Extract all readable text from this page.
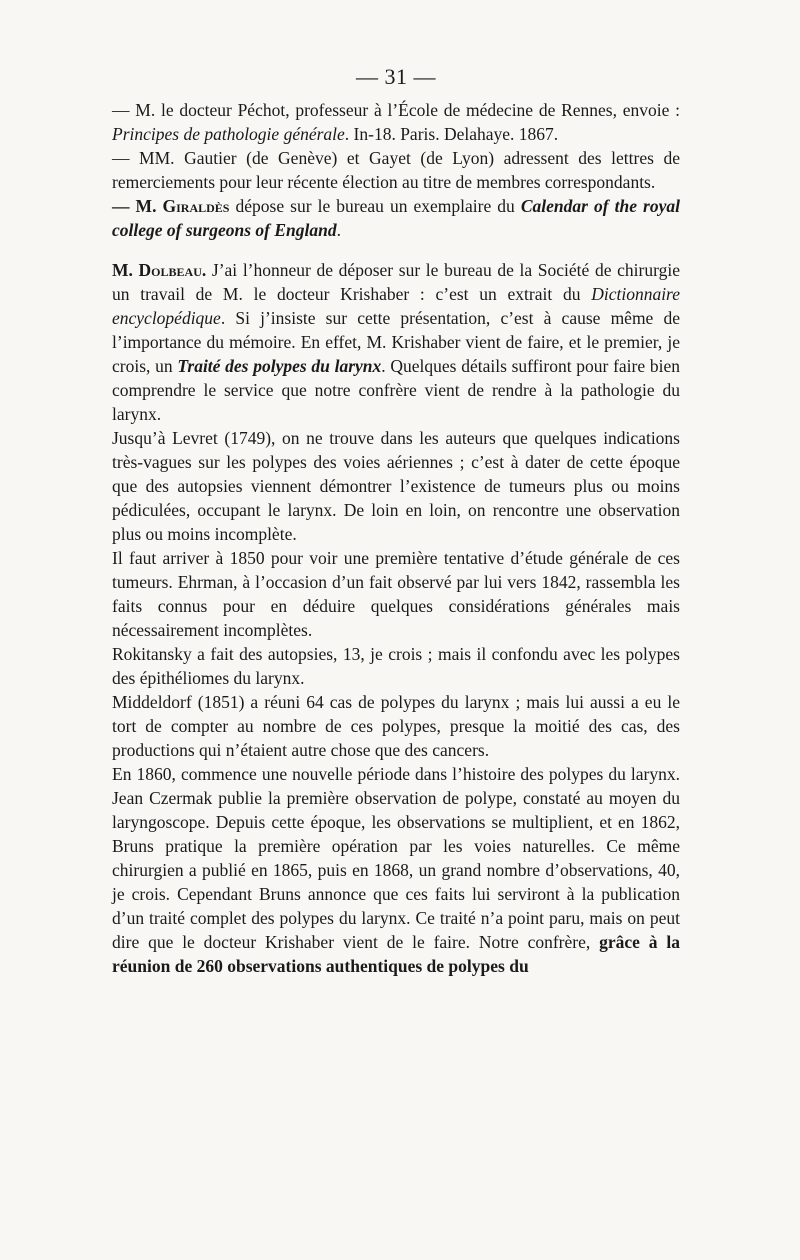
— 31 —

— M. le docteur Péchot, professeur à l’École de médecine de Rennes, envoie : Principes de pathologie générale. In-18. Paris. Delahaye. 1867.

— MM. Gautier (de Genève) et Gayet (de Lyon) adressent des lettres de remerciements pour leur récente élection au titre de membres correspondants.

— M. Giraldès dépose sur le bureau un exemplaire du Calendar of the royal college of surgeons of England.

M. Dolbeau. J’ai l’honneur de déposer sur le bureau de la Société de chirurgie un travail de M. le docteur Krishaber : c’est un extrait du Dictionnaire encyclopédique. Si j’insiste sur cette présentation, c’est à cause même de l’importance du mémoire. En effet, M. Krishaber vient de faire, et le premier, je crois, un Traité des polypes du larynx. Quelques détails suffiront pour faire bien comprendre le service que notre confrère vient de rendre à la pathologie du larynx.

Jusqu’à Levret (1749), on ne trouve dans les auteurs que quelques indications très-vagues sur les polypes des voies aériennes ; c’est à dater de cette époque que des autopsies viennent démontrer l’existence de tumeurs plus ou moins pédiculées, occupant le larynx. De loin en loin, on rencontre une observation plus ou moins incomplète.

Il faut arriver à 1850 pour voir une première tentative d’étude générale de ces tumeurs. Ehrman, à l’occasion d’un fait observé par lui vers 1842, rassembla les faits connus pour en déduire quelques considérations générales mais nécessairement incomplètes.

Rokitansky a fait des autopsies, 13, je crois ; mais il confondu avec les polypes des épithéliomes du larynx.

Middeldorf (1851) a réuni 64 cas de polypes du larynx ; mais lui aussi a eu le tort de compter au nombre de ces polypes, presque la moitié des cas, des productions qui n’étaient autre chose que des cancers.

En 1860, commence une nouvelle période dans l’histoire des polypes du larynx. Jean Czermak publie la première observation de polype, constaté au moyen du laryngoscope. Depuis cette époque, les observations se multiplient, et en 1862, Bruns pratique la première opération par les voies naturelles. Ce même chirurgien a publié en 1865, puis en 1868, un grand nombre d’observations, 40, je crois. Cependant Bruns annonce que ces faits lui serviront à la publication d’un traité complet des polypes du larynx. Ce traité n’a point paru, mais on peut dire que le docteur Krishaber vient de le faire. Notre confrère, grâce à la réunion de 260 observations authentiques de polypes du
